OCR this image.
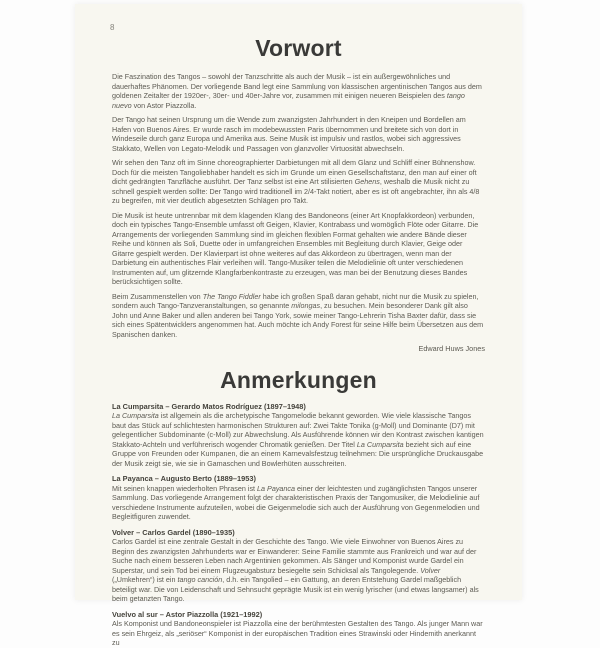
8
Vorwort

Die Faszination des Tangos – sowohl der Tanzschritte als auch der Musik – ist ein außergewöhnliches und dauerhaftes Phänomen. Der vorliegende Band legt eine Sammlung von klassischen argentinischen Tangos aus dem goldenen Zeitalter der 1920er-, 30er- und 40er-Jahre vor, zusammen mit einigen neueren Beispielen des tango nuevo von Astor Piazzolla.

Der Tango hat seinen Ursprung um die Wende zum zwanzigsten Jahrhundert in den Kneipen und Bordellen am Hafen von Buenos Aires. Er wurde rasch im modebewussten Paris übernommen und breitete sich von dort in Windeseile durch ganz Europa und Amerika aus. Seine Musik ist impulsiv und rastlos, wobei sich aggressives Stakkato, Wellen von Legato-Melodik und Passagen von glanzvoller Virtuosität abwechseln.

Wir sehen den Tanz oft im Sinne choreographierter Darbietungen mit all dem Glanz und Schliff einer Bühnenshow. Doch für die meisten Tangoliebhaber handelt es sich im Grunde um einen Gesellschaftstanz, den man auf einer oft dicht gedrängten Tanzfläche ausführt. Der Tanz selbst ist eine Art stilisierten Gehens, weshalb die Musik nicht zu schnell gespielt werden sollte: Der Tango wird traditionell im 2/4-Takt notiert, aber es ist oft angebrachter, ihn als 4/8 zu begreifen, mit vier deutlich abgesetzten Schlägen pro Takt.

Die Musik ist heute untrennbar mit dem klagenden Klang des Bandoneons (einer Art Knopfakkordeon) verbunden, doch ein typisches Tango-Ensemble umfasst oft Geigen, Klavier, Kontrabass und womöglich Flöte oder Gitarre. Die Arrangements der vorliegenden Sammlung sind im gleichen flexiblen Format gehalten wie andere Bände dieser Reihe und können als Soli, Duette oder in umfangreichen Ensembles mit Begleitung durch Klavier, Geige oder Gitarre gespielt werden. Der Klavierpart ist ohne weiteres auf das Akkordeon zu übertragen, wenn man der Darbietung ein authentisches Flair verleihen will. Tango-Musiker teilen die Melodielinie oft unter verschiedenen Instrumenten auf, um glitzernde Klangfarbenkontraste zu erzeugen, was man bei der Benutzung dieses Bandes berücksichtigen sollte.

Beim Zusammenstellen von The Tango Fiddler habe ich großen Spaß daran gehabt, nicht nur die Musik zu spielen, sondern auch Tango-Tanzveranstaltungen, so genannte milongas, zu besuchen. Mein besonderer Dank gilt also John und Anne Baker und allen anderen bei Tango York, sowie meiner Tango-Lehrerin Tisha Baxter dafür, dass sie sich eines Spätentwicklers angenommen hat. Auch möchte ich Andy Forest für seine Hilfe beim Übersetzen aus dem Spanischen danken.

Edward Huws Jones

Anmerkungen
La Cumparsita – Gerardo Matos Rodríguez (1897–1948)

La Cumparsita ist allgemein als die archetypische Tangomelodie bekannt geworden. Wie viele klassische Tangos baut das Stück auf schlichtesten harmonischen Strukturen auf: Zwei Takte Tonika (g-Moll) und Dominante (D7) mit gelegentlicher Subdominante (c-Moll) zur Abwechslung. Als Ausführende können wir den Kontrast zwischen kantigen Stakkato-Achteln und verführerisch wogender Chromatik genießen. Der Titel La Cumparsita bezieht sich auf eine Gruppe von Freunden oder Kumpanen, die an einem Karnevalsfestzug teilnehmen: Die ursprüngliche Druckausgabe der Musik zeigt sie, wie sie in Gamaschen und Bowlerhüten ausschreiten.

La Payanca – Augusto Berto (1889–1953)

Mit seinen knappen wiederholten Phrasen ist La Payanca einer der leichtesten und zugänglichsten Tangos unserer Sammlung. Das vorliegende Arrangement folgt der charakteristischen Praxis der Tangomusiker, die Melodielinie auf verschiedene Instrumente aufzuteilen, wobei die Geigenmelodie sich auch der Ausführung von Gegenmelodien und Begleitfiguren zuwendet.

Volver – Carlos Gardel (1890–1935)

Carlos Gardel ist eine zentrale Gestalt in der Geschichte des Tango. Wie viele Einwohner von Buenos Aires zu Beginn des zwanzigsten Jahrhunderts war er Einwanderer: Seine Familie stammte aus Frankreich und war auf der Suche nach einem besseren Leben nach Argentinien gekommen. Als Sänger und Komponist wurde Gardel ein Superstar, und sein Tod bei einem Flugzeugabsturz besiegelte sein Schicksal als Tangolegende. Volver („Umkehren“) ist ein tango canción, d.h. ein Tangolied – ein Gattung, an deren Entstehung Gardel maßgeblich beteiligt war. Die von Leidenschaft und Sehnsucht geprägte Musik ist ein wenig lyrischer (und etwas langsamer) als beim getanzten Tango.

Vuelvo al sur – Astor Piazzolla (1921–1992)

Als Komponist und Bandoneonspieler ist Piazzolla eine der berühmtesten Gestalten des Tango. Als junger Mann war es sein Ehrgeiz, als „seriöser“ Komponist in der europäischen Tradition eines Strawinski oder Hindemith anerkannt zu
